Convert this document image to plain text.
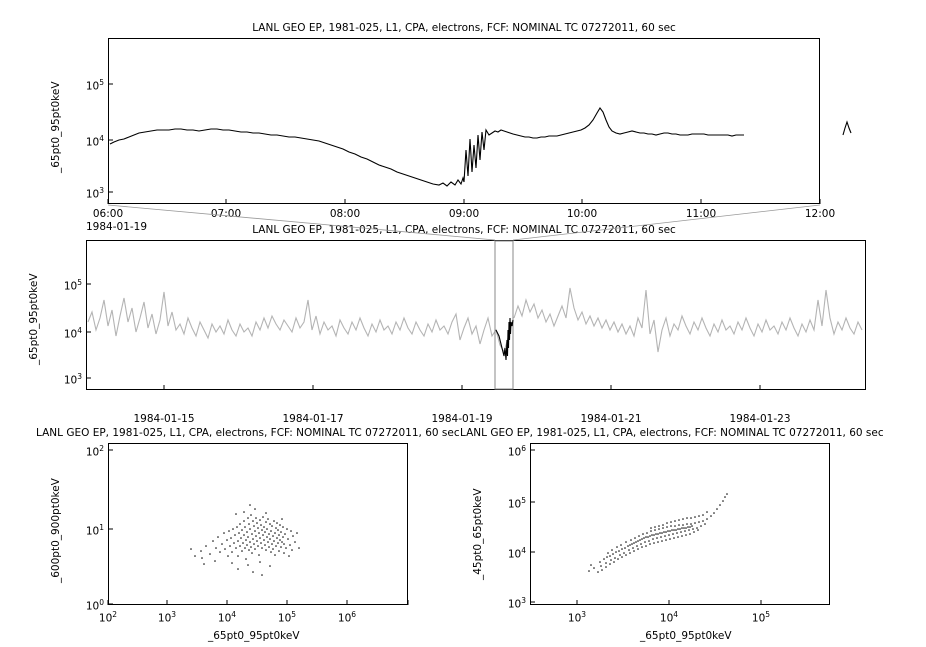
LANL GEO EP, 1981-025, L1, CPA, electrons, FCF: NOMINAL TC 07272011, 60 sec
$10^5$
$10^4$
$10^3$
_65pt0_95pt0keV
06:00	07:00	08:00	09:00	10:00	11:00	12:00
1984-01-19	LANL GEO EP, 1981-025, L1, CPA, electrons, FCF: NOMINAL TC 07272011, 60 sec
$10^5$
$10^4$
$10^3$
_65pt0_95pt0keV
1984-01-15	1984-01-17	1984-01-19	1984-01-21	1984-01-23
LANL GEO EP, 1981-025, L1, CPA, electrons, FCF: NOMINAL TC 07272011, 60 sec
$10^2$
$10^1$
$10^0$
_600pt0_900pt0keV
$10^2$	$10^3$	$10^4$	$10^5$	$10^6$
_65pt0_95pt0keV
LANL GEO EP, 1981-025, L1, CPA, electrons, FCF: NOMINAL TC 07272011, 60 sec
$10^6$
$10^5$
$10^4$
$10^3$
_45pt0_65pt0keV
$10^3$	$10^4$	$10^5$
_65pt0_95pt0keV
